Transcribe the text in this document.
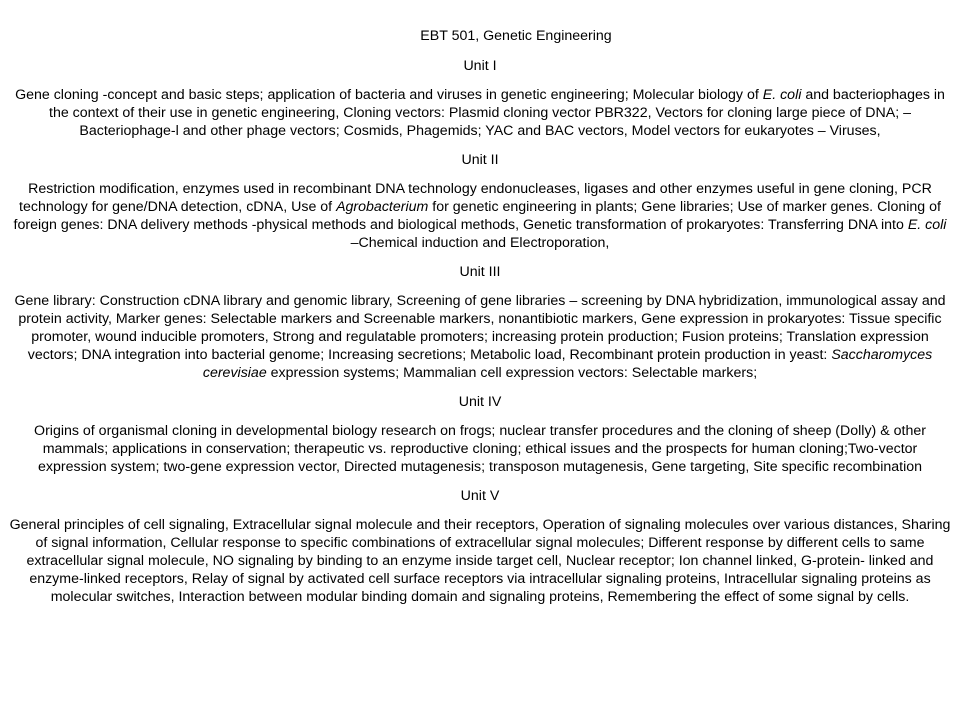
EBT 501, Genetic Engineering

Unit I

Gene cloning -concept and basic steps; application of bacteria and viruses in genetic engineering; Molecular biology of E. coli and bacteriophages in the context of their use in genetic engineering, Cloning vectors: Plasmid cloning vector PBR322, Vectors for cloning large piece of DNA; –Bacteriophage-l and other phage vectors; Cosmids, Phagemids; YAC and BAC vectors, Model vectors for eukaryotes – Viruses,

Unit II

Restriction modification, enzymes used in recombinant DNA technology endonucleases, ligases and other enzymes useful in gene cloning, PCR technology for gene/DNA detection, cDNA, Use of Agrobacterium for genetic engineering in plants; Gene libraries; Use of marker genes. Cloning of foreign genes: DNA delivery methods -physical methods and biological methods, Genetic transformation of prokaryotes: Transferring DNA into E. coli –Chemical induction and Electroporation,

Unit III

Gene library: Construction cDNA library and genomic library, Screening of gene libraries – screening by DNA hybridization, immunological assay and protein activity, Marker genes: Selectable markers and Screenable markers, nonantibiotic markers, Gene expression in prokaryotes: Tissue specific promoter, wound inducible promoters, Strong and regulatable promoters; increasing protein production; Fusion proteins; Translation expression vectors; DNA integration into bacterial genome; Increasing secretions; Metabolic load, Recombinant protein production in yeast: Saccharomyces cerevisiae expression systems; Mammalian cell expression vectors: Selectable markers;

Unit IV

Origins of organismal cloning in developmental biology research on frogs; nuclear transfer procedures and the cloning of sheep (Dolly) & other mammals; applications in conservation; therapeutic vs. reproductive cloning; ethical issues and the prospects for human cloning;Two-vector expression system; two-gene expression vector, Directed mutagenesis; transposon mutagenesis, Gene targeting, Site specific recombination

Unit V

General principles of cell signaling, Extracellular signal molecule and their receptors, Operation of signaling molecules over various distances, Sharing of signal information, Cellular response to specific combinations of extracellular signal molecules; Different response by different cells to same extracellular signal molecule, NO signaling by binding to an enzyme inside target cell, Nuclear receptor; Ion channel linked, G-protein- linked and enzyme-linked receptors, Relay of signal by activated cell surface receptors via intracellular signaling proteins, Intracellular signaling proteins as molecular switches, Interaction between modular binding domain and signaling proteins, Remembering the effect of some signal by cells.
